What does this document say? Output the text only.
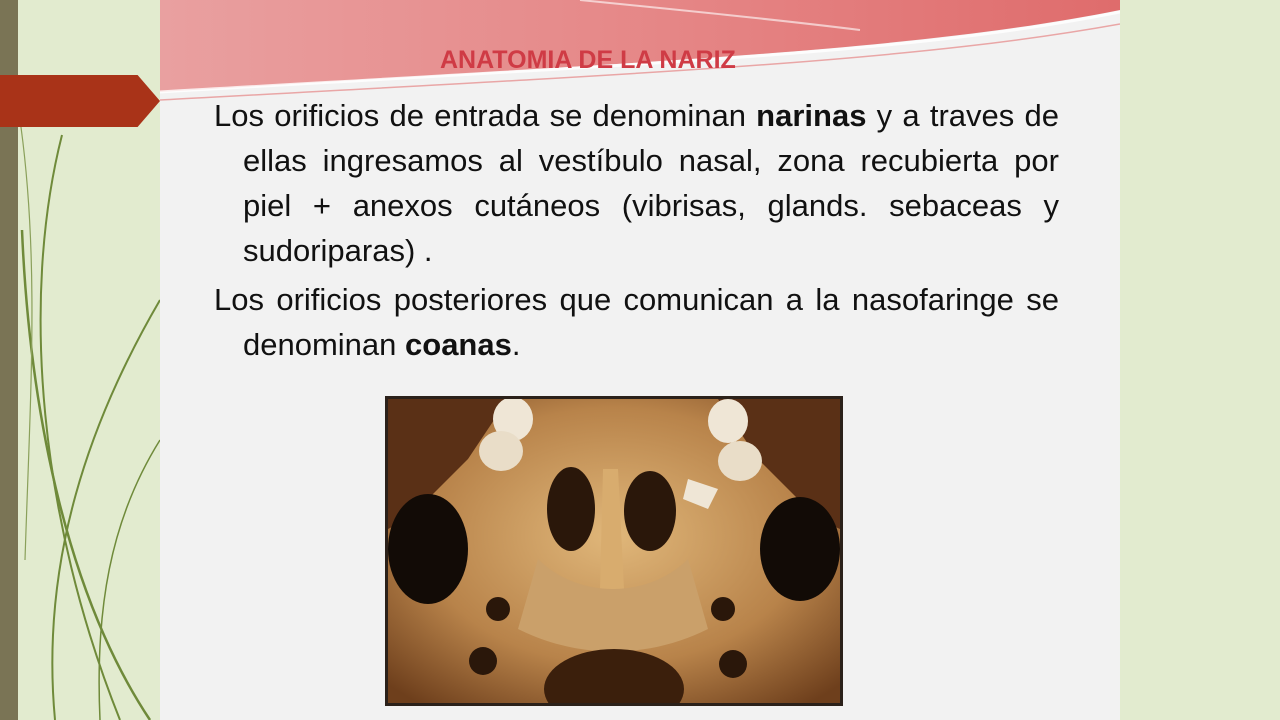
ANATOMIA DE LA NARIZ

Los orificios de entrada se denominan narinas y a traves de ellas ingresamos al vestíbulo nasal, zona recubierta por piel + anexos cutáneos (vibrisas, glands. sebaceas y sudoriparas) .

Los orificios posteriores que comunican a la nasofaringe se denominan coanas.
